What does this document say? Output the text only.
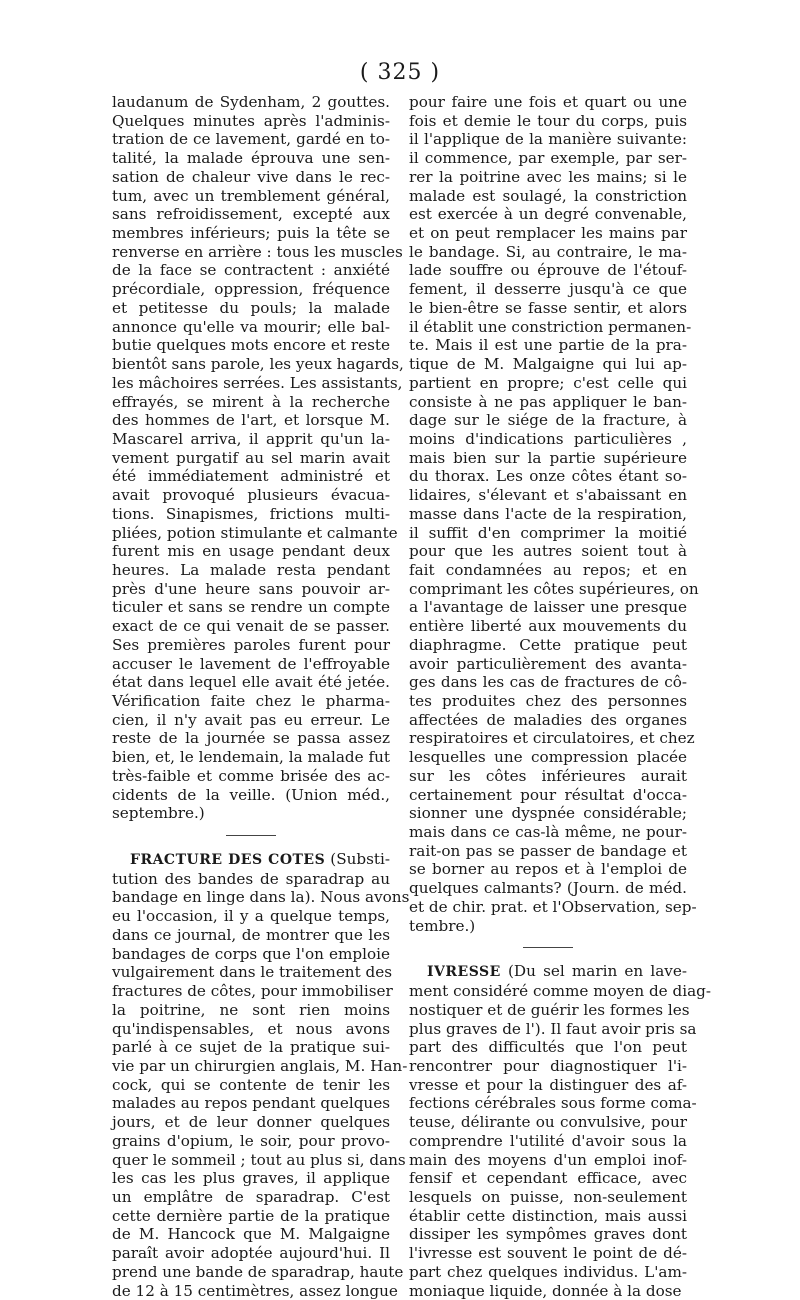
( 325 )
laudanum de Sydenham, 2 gouttes.
Quelques minutes après l'adminis-
tration de ce lavement, gardé en to-
talité, la malade éprouva une sen-
sation de chaleur vive dans le rec-
tum, avec un tremblement général,
sans refroidissement, excepté aux
membres inférieurs; puis la tête se
renverse en arrière : tous les muscles
de la face se contractent : anxiété
précordiale, oppression, fréquence
et petitesse du pouls; la malade
annonce qu'elle va mourir; elle bal-
butie quelques mots encore et reste
bientôt sans parole, les yeux hagards,
les mâchoires serrées. Les assistants,
effrayés, se mirent à la recherche
des hommes de l'art, et lorsque M.
Mascarel arriva, il apprit qu'un la-
vement purgatif au sel marin avait
été immédiatement administré et
avait provoqué plusieurs évacua-
tions. Sinapismes, frictions multi-
pliées, potion stimulante et calmante
furent mis en usage pendant deux
heures. La malade resta pendant
près d'une heure sans pouvoir ar-
ticuler et sans se rendre un compte
exact de ce qui venait de se passer.
Ses premières paroles furent pour
accuser le lavement de l'effroyable
état dans lequel elle avait été jetée.
Vérification faite chez le pharma-
cien, il n'y avait pas eu erreur. Le
reste de la journée se passa assez
bien, et, le lendemain, la malade fut
très-faible et comme brisée des ac-
cidents de la veille. (Union méd.,
septembre.)
FRACTURE DES COTES (Substi-
tution des bandes de sparadrap au
bandage en linge dans la). Nous avons
eu l'occasion, il y a quelque temps,
dans ce journal, de montrer que les
bandages de corps que l'on emploie
vulgairement dans le traitement des
fractures de côtes, pour immobiliser
la poitrine, ne sont rien moins
qu'indispensables, et nous avons
parlé à ce sujet de la pratique sui-
vie par un chirurgien anglais, M. Han-
cock, qui se contente de tenir les
malades au repos pendant quelques
jours, et de leur donner quelques
grains d'opium, le soir, pour provo-
quer le sommeil ; tout au plus si, dans
les cas les plus graves, il applique
un emplâtre de sparadrap. C'est
cette dernière partie de la pratique
de M. Hancock que M. Malgaigne
paraît avoir adoptée aujourd'hui. Il
prend une bande de sparadrap, haute
de 12 à 15 centimètres, assez longue
pour faire une fois et quart ou une
fois et demie le tour du corps, puis
il l'applique de la manière suivante:
il commence, par exemple, par ser-
rer la poitrine avec les mains; si le
malade est soulagé, la constriction
est exercée à un degré convenable,
et on peut remplacer les mains par
le bandage. Si, au contraire, le ma-
lade souffre ou éprouve de l'étouf-
fement, il desserre jusqu'à ce que
le bien-être se fasse sentir, et alors
il établit une constriction permanen-
te. Mais il est une partie de la pra-
tique de M. Malgaigne qui lui ap-
partient en propre; c'est celle qui
consiste à ne pas appliquer le ban-
dage sur le siége de la fracture, à
moins d'indications particulières ,
mais bien sur la partie supérieure
du thorax. Les onze côtes étant so-
lidaires, s'élevant et s'abaissant en
masse dans l'acte de la respiration,
il suffit d'en comprimer la moitié
pour que les autres soient tout à
fait condamnées au repos; et en
comprimant les côtes supérieures, on
a l'avantage de laisser une presque
entière liberté aux mouvements du
diaphragme. Cette pratique peut
avoir particulièrement des avanta-
ges dans les cas de fractures de cô-
tes produites chez des personnes
affectées de maladies des organes
respiratoires et circulatoires, et chez
lesquelles une compression placée
sur les côtes inférieures aurait
certainement pour résultat d'occa-
sionner une dyspnée considérable;
mais dans ce cas-là même, ne pour-
rait-on pas se passer de bandage et
se borner au repos et à l'emploi de
quelques calmants? (Journ. de méd.
et de chir. prat. et l'Observation, sep-
tembre.)
IVRESSE (Du sel marin en lave-
ment considéré comme moyen de diag-
nostiquer et de guérir les formes les
plus graves de l'). Il faut avoir pris sa
part des difficultés que l'on peut
rencontrer pour diagnostiquer l'i-
vresse et pour la distinguer des af-
fections cérébrales sous forme coma-
teuse, délirante ou convulsive, pour
comprendre l'utilité d'avoir sous la
main des moyens d'un emploi inof-
fensif et cependant efficace, avec
lesquels on puisse, non-seulement
établir cette distinction, mais aussi
dissiper les sympômes graves dont
l'ivresse est souvent le point de dé-
part chez quelques individus. L'am-
moniaque liquide, donnée à la dose
